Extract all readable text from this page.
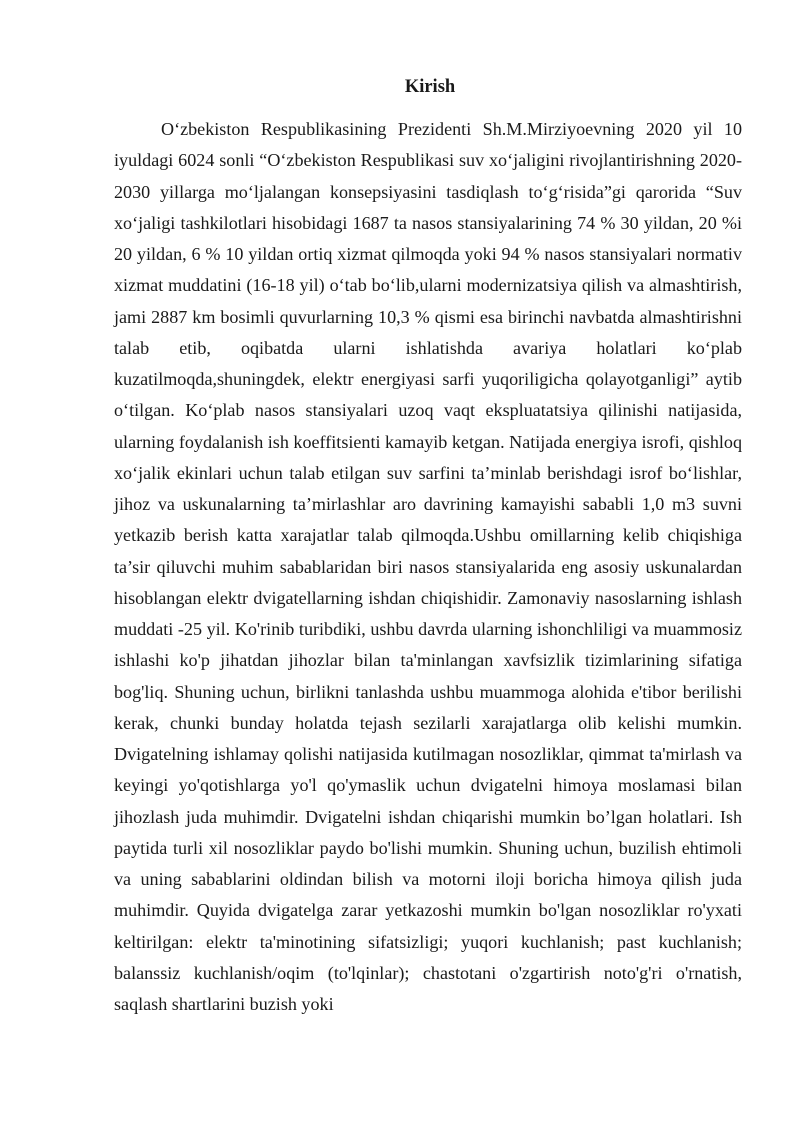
Kirish

O‘zbekiston Respublikasining Prezidenti Sh.M.Mirziyoevning 2020 yil 10 iyuldagi 6024 sonli “O‘zbekiston Respublikasi suv xo‘jaligini rivojlantirishning 2020-2030 yillarga mo‘ljalangan konsepsiyasini tasdiqlash to‘g‘risida”gi qarorida “Suv xo‘jaligi tashkilotlari hisobidagi 1687 ta nasos stansiyalarining 74 % 30 yildan, 20 %i 20 yildan, 6 % 10 yildan ortiq xizmat qilmoqda yoki 94 % nasos stansiyalari normativ xizmat muddatini (16-18 yil) o‘tab bo‘lib,ularni modernizatsiya qilish va almashtirish, jami 2887 km bosimli quvurlarning 10,3 % qismi esa birinchi navbatda almashtirishni talab etib, oqibatda ularni ishlatishda avariya holatlari ko‘plab kuzatilmoqda,shuningdek, elektr energiyasi sarfi yuqoriligicha qolayotganligi” aytib o‘tilgan. Ko‘plab nasos stansiyalari uzoq vaqt ekspluatatsiya qilinishi natijasida, ularning foydalanish ish koeffitsienti kamayib ketgan. Natijada energiya isrofi, qishloq xo‘jalik ekinlari uchun talab etilgan suv sarfini ta’minlab berishdagi isrof bo‘lishlar, jihoz va uskunalarning ta’mirlashlar aro davrining kamayishi sababli 1,0 m3 suvni yetkazib berish katta xarajatlar talab qilmoqda.Ushbu omillarning kelib chiqishiga ta’sir qiluvchi muhim sabablaridan biri nasos stansiyalarida eng asosiy uskunalardan hisoblangan elektr dvigatellarning ishdan chiqishidir. Zamonaviy nasoslarning ishlash muddati -25 yil. Ko'rinib turibdiki, ushbu davrda ularning ishonchliligi va muammosiz ishlashi ko'p jihatdan jihozlar bilan ta'minlangan xavfsizlik tizimlarining sifatiga bog'liq. Shuning uchun, birlikni tanlashda ushbu muammoga alohida e'tibor berilishi kerak, chunki bunday holatda tejash sezilarli xarajatlarga olib kelishi mumkin. Dvigatelning ishlamay qolishi natijasida kutilmagan nosozliklar, qimmat ta'mirlash va keyingi yo'qotishlarga yo'l qo'ymaslik uchun dvigatelni himoya moslamasi bilan jihozlash juda muhimdir. Dvigatelni ishdan chiqarishi mumkin bo’lgan holatlari. Ish paytida turli xil nosozliklar paydo bo'lishi mumkin. Shuning uchun, buzilish ehtimoli va uning sabablarini oldindan bilish va motorni iloji boricha himoya qilish juda muhimdir. Quyida dvigatelga zarar yetkazoshi mumkin bo'lgan nosozliklar ro'yxati keltirilgan: elektr ta'minotining sifatsizligi; yuqori kuchlanish; past kuchlanish; balanssiz kuchlanish/oqim (to'lqinlar); chastotani o'zgartirish noto'g'ri o'rnatish, saqlash shartlarini buzish yoki
